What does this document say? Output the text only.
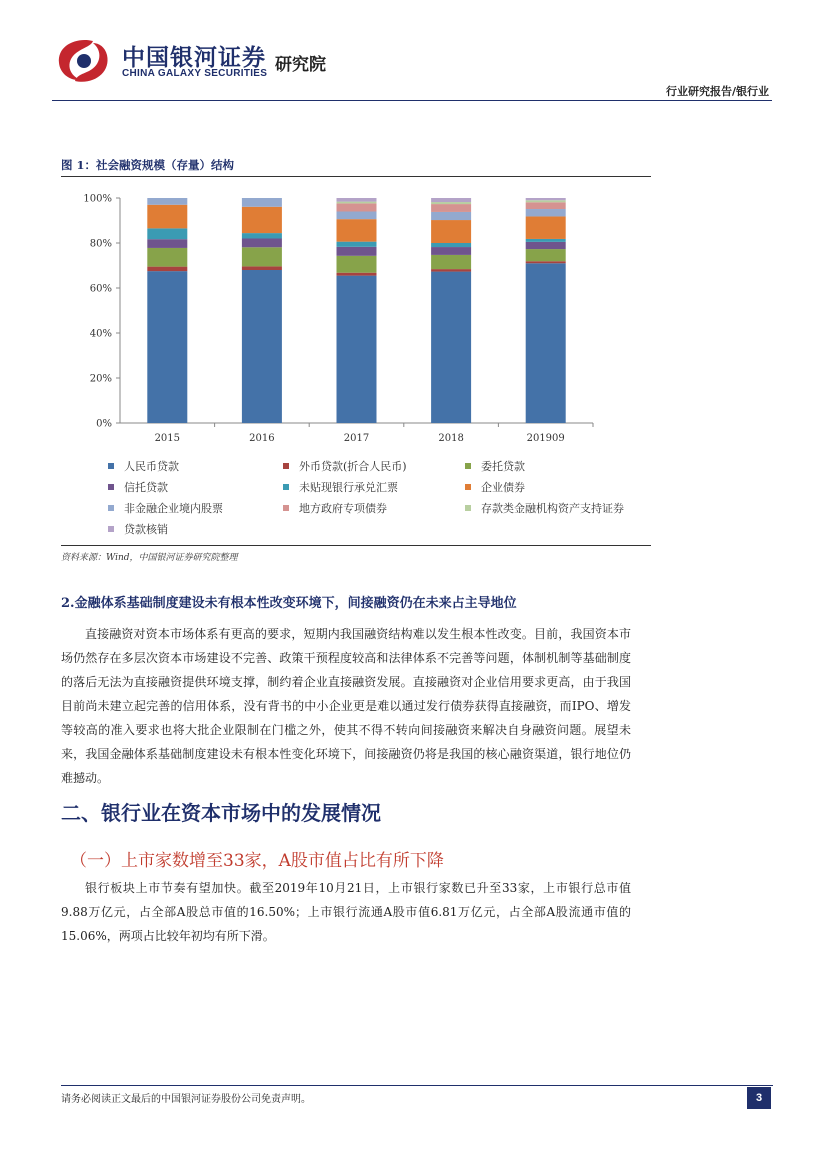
中国银河证券
CHINA GALAXY SECURITIES 研究院
行业研究报告/银行业
图 1：社会融资规模（存量）结构
0%
20%
40%
60%
80%
100%
2015	2016	2017	2018	201909
人民币贷款	外币贷款(折合人民币)	委托贷款
信托贷款	未贴现银行承兑汇票	企业债券
非金融企业境内股票	地方政府专项债券	存款类金融机构资产支持证券
贷款核销
资料来源：Wind，中国银河证券研究院整理
2.金融体系基础制度建设未有根本性改变环境下，间接融资仍在未来占主导地位

直接融资对资本市场体系有更高的要求，短期内我国融资结构难以发生根本性改变。目前，我国资本市场仍然存在多层次资本市场建设不完善、政策干预程度较高和法律体系不完善等问题，体制机制等基础制度的落后无法为直接融资提供环境支撑，制约着企业直接融资发展。直接融资对企业信用要求更高，由于我国目前尚未建立起完善的信用体系，没有背书的中小企业更是难以通过发行债券获得直接融资，而IPO、增发等较高的准入要求也将大批企业限制在门槛之外，使其不得不转向间接融资来解决自身融资问题。展望未来，我国金融体系基础制度建设未有根本性变化环境下，间接融资仍将是我国的核心融资渠道，银行地位仍难撼动。

二、银行业在资本市场中的发展情况
（一）上市家数增至33家，A股市值占比有所下降

银行板块上市节奏有望加快。截至2019年10月21日，上市银行家数已升至33家，上市银行总市值9.88万亿元，占全部A股总市值的16.50%；上市银行流通A股市值6.81万亿元，占全部A股流通市值的15.06%，两项占比较年初均有所下滑。

请务必阅读正文最后的中国银河证券股份公司免责声明。	3
